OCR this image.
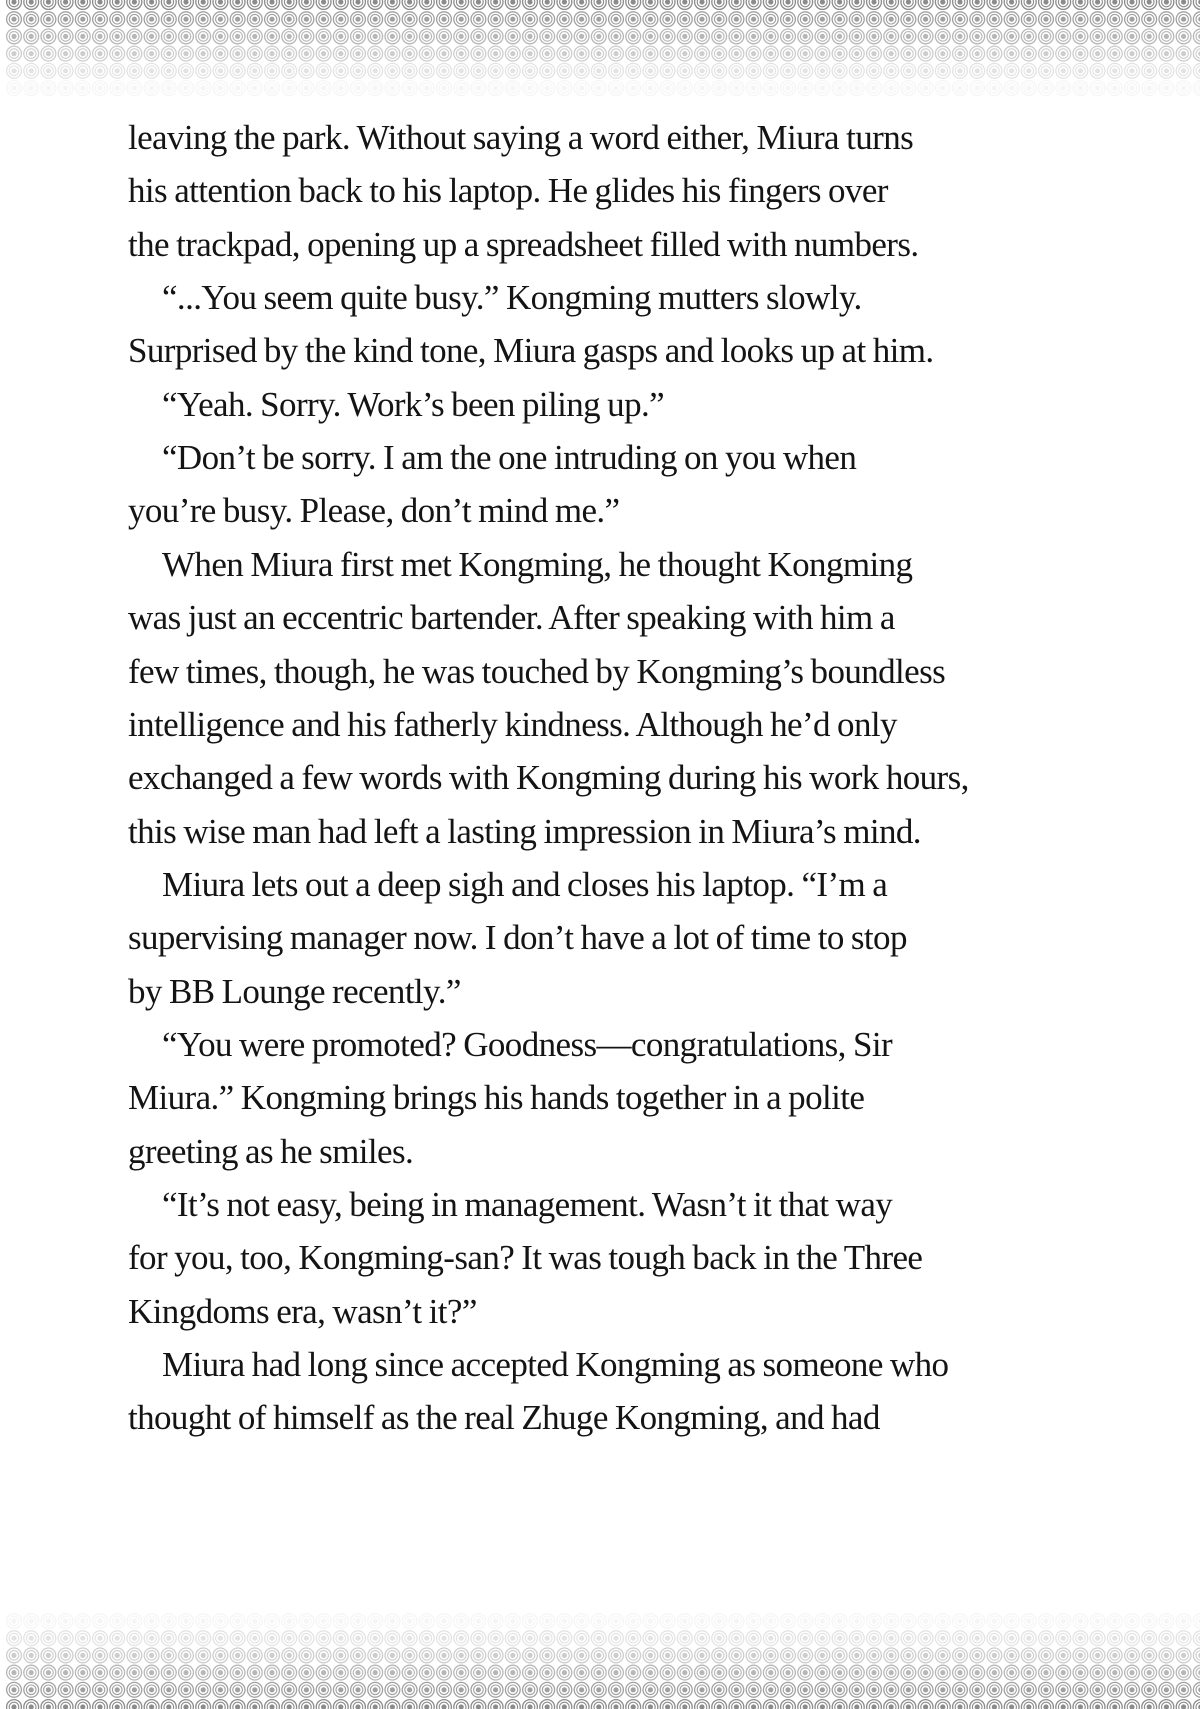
leaving the park. Without saying a word either, Miura turns
his attention back to his laptop. He glides his fingers over
the trackpad, opening up a spreadsheet filled with numbers.
“...You seem quite busy.” Kongming mutters slowly.
Surprised by the kind tone, Miura gasps and looks up at him.
“Yeah. Sorry. Work’s been piling up.”
“Don’t be sorry. I am the one intruding on you when
you’re busy. Please, don’t mind me.”
When Miura first met Kongming, he thought Kongming
was just an eccentric bartender. After speaking with him a
few times, though, he was touched by Kongming’s boundless
intelligence and his fatherly kindness. Although he’d only
exchanged a few words with Kongming during his work hours,
this wise man had left a lasting impression in Miura’s mind.
Miura lets out a deep sigh and closes his laptop. “I’m a
supervising manager now. I don’t have a lot of time to stop
by BB Lounge recently.”
“You were promoted? Goodness—congratulations, Sir
Miura.” Kongming brings his hands together in a polite
greeting as he smiles.
“It’s not easy, being in management. Wasn’t it that way
for you, too, Kongming-san? It was tough back in the Three
Kingdoms era, wasn’t it?”
Miura had long since accepted Kongming as someone who
thought of himself as the real Zhuge Kongming, and had
